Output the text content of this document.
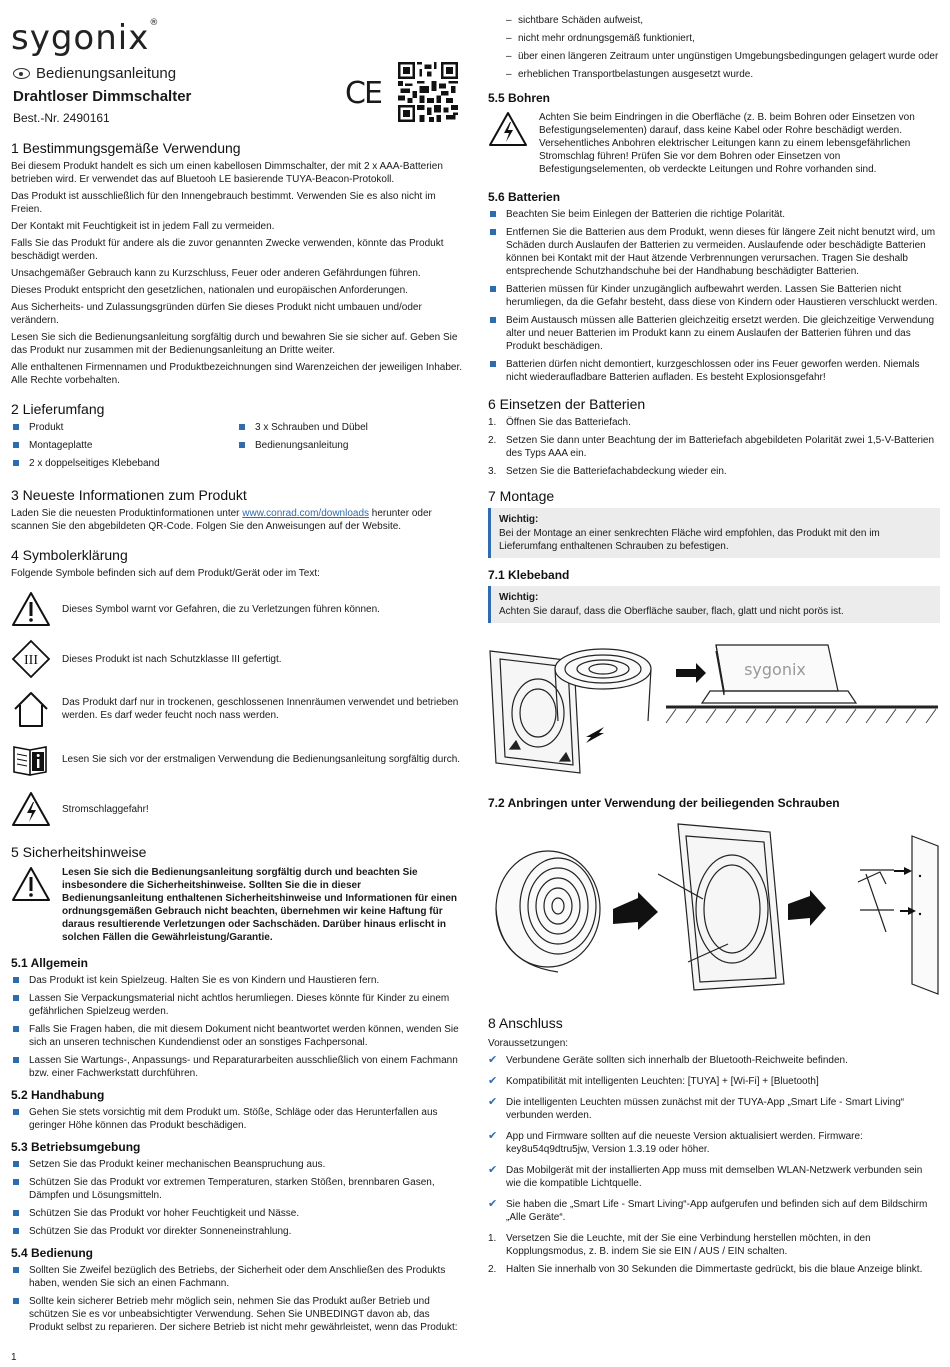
sygonix®
Bedienungsanleitung
Drahtloser Dimmschalter
Best.-Nr. 2490161
CE
1 Bestimmungsgemäße Verwendung

Bei diesem Produkt handelt es sich um einen kabellosen Dimmschalter, der mit 2 x AAA-Batterien betrieben wird. Er verwendet das auf Bluetooh LE basierende TUYA-Beacon-Protokoll.

Das Produkt ist ausschließlich für den Innengebrauch bestimmt. Verwenden Sie es also nicht im Freien.

Der Kontakt mit Feuchtigkeit ist in jedem Fall zu vermeiden.

Falls Sie das Produkt für andere als die zuvor genannten Zwecke verwenden, könnte das Produkt beschädigt werden.

Unsachgemäßer Gebrauch kann zu Kurzschluss, Feuer oder anderen Gefährdungen führen.

Dieses Produkt entspricht den gesetzlichen, nationalen und europäischen Anforderungen.

Aus Sicherheits- und Zulassungsgründen dürfen Sie dieses Produkt nicht umbauen und/oder verändern.

Lesen Sie sich die Bedienungsanleitung sorgfältig durch und bewahren Sie sie sicher auf. Geben Sie das Produkt nur zusammen mit der Bedienungsanleitung an Dritte weiter.

Alle enthaltenen Firmennamen und Produktbezeichnungen sind Warenzeichen der jeweiligen Inhaber. Alle Rechte vorbehalten.

2 Lieferumfang
Produkt
Montageplatte
2 x doppelseitiges Klebeband
3 x Schrauben und Dübel
Bedienungsanleitung
3 Neueste Informationen zum Produkt

Laden Sie die neuesten Produktinformationen unter www.conrad.com/downloads herunter oder scannen Sie den abgebildeten QR-Code. Folgen Sie den Anweisungen auf der Website.

4 Symbolerklärung

Folgende Symbole befinden sich auf dem Produkt/Gerät oder im Text:

Dieses Symbol warnt vor Gefahren, die zu Verletzungen führen können.
III Dieses Produkt ist nach Schutzklasse III gefertigt.
Das Produkt darf nur in trockenen, geschlossenen Innenräumen verwendet und betrieben werden. Es darf weder feucht noch nass werden.
Lesen Sie sich vor der erstmaligen Verwendung die Bedienungsanleitung sorgfältig durch.
Stromschlaggefahr!
5 Sicherheitshinweise

Lesen Sie sich die Bedienungsanleitung sorgfältig durch und beachten Sie insbesondere die Sicherheitshinweise. Sollten Sie die in dieser Bedienungsanleitung enthaltenen Sicherheitshinweise und Informationen für einen ordnungsgemäßen Gebrauch nicht beachten, übernehmen wir keine Haftung für daraus resultierende Verletzungen oder Sachschäden. Darüber hinaus erlischt in solchen Fällen die Gewährleistung/Garantie.

5.1 Allgemein
Das Produkt ist kein Spielzeug. Halten Sie es von Kindern und Haustieren fern.
Lassen Sie Verpackungsmaterial nicht achtlos herumliegen. Dieses könnte für Kinder zu einem gefährlichen Spielzeug werden.
Falls Sie Fragen haben, die mit diesem Dokument nicht beantwortet werden können, wenden Sie sich an unseren technischen Kundendienst oder an sonstiges Fachpersonal.
Lassen Sie Wartungs-, Anpassungs- und Reparaturarbeiten ausschließlich von einem Fachmann bzw. einer Fachwerkstatt durchführen.
5.2 Handhabung
Gehen Sie stets vorsichtig mit dem Produkt um. Stöße, Schläge oder das Herunterfallen aus geringer Höhe können das Produkt beschädigen.
5.3 Betriebsumgebung
Setzen Sie das Produkt keiner mechanischen Beanspruchung aus.
Schützen Sie das Produkt vor extremen Temperaturen, starken Stößen, brennbaren Gasen, Dämpfen und Lösungsmitteln.
Schützen Sie das Produkt vor hoher Feuchtigkeit und Nässe.
Schützen Sie das Produkt vor direkter Sonneneinstrahlung.
5.4 Bedienung
Sollten Sie Zweifel bezüglich des Betriebs, der Sicherheit oder dem Anschließen des Produkts haben, wenden Sie sich an einen Fachmann.
Sollte kein sicherer Betrieb mehr möglich sein, nehmen Sie das Produkt außer Betrieb und schützen Sie es vor unbeabsichtigter Verwendung. Sehen Sie UNBEDINGT davon ab, das Produkt selbst zu reparieren. Der sichere Betrieb ist nicht mehr gewährleistet, wenn das Produkt:
– sichtbare Schäden aufweist,
– nicht mehr ordnungsgemäß funktioniert,
– über einen längeren Zeitraum unter ungünstigen Umgebungsbedingungen gelagert wurde oder
– erheblichen Transportbelastungen ausgesetzt wurde.
5.5 Bohren

Achten Sie beim Eindringen in die Oberfläche (z. B. beim Bohren oder Einsetzen von Befestigungselementen) darauf, dass keine Kabel oder Rohre beschädigt werden. Versehentliches Anbohren elektrischer Leitungen kann zu einem lebensgefährlichen Stromschlag führen! Prüfen Sie vor dem Bohren oder Einsetzen von Befestigungselementen, ob verdeckte Leitungen und Rohre vorhanden sind.

5.6 Batterien
Beachten Sie beim Einlegen der Batterien die richtige Polarität.
Entfernen Sie die Batterien aus dem Produkt, wenn dieses für längere Zeit nicht benutzt wird, um Schäden durch Auslaufen der Batterien zu vermeiden. Auslaufende oder beschädigte Batterien können bei Kontakt mit der Haut ätzende Verbrennungen verursachen. Tragen Sie deshalb entsprechende Schutzhandschuhe bei der Handhabung beschädigter Batterien.
Batterien müssen für Kinder unzugänglich aufbewahrt werden. Lassen Sie Batterien nicht herumliegen, da die Gefahr besteht, dass diese von Kindern oder Haustieren verschluckt werden.
Beim Austausch müssen alle Batterien gleichzeitig ersetzt werden. Die gleichzeitige Verwendung alter und neuer Batterien im Produkt kann zu einem Auslaufen der Batterien führen und das Produkt beschädigen.
Batterien dürfen nicht demontiert, kurzgeschlossen oder ins Feuer geworfen werden. Niemals nicht wiederaufladbare Batterien aufladen. Es besteht Explosionsgefahr!
6 Einsetzen der Batterien
1. Öffnen Sie das Batteriefach.
2. Setzen Sie dann unter Beachtung der im Batteriefach abgebildeten Polarität zwei 1,5-V-Batterien des Typs AAA ein.
3. Setzen Sie die Batteriefachabdeckung wieder ein.
7 Montage
Wichtig:
Bei der Montage an einer senkrechten Fläche wird empfohlen, das Produkt mit den im Lieferumfang enthaltenen Schrauben zu befestigen.
7.1 Klebeband
Wichtig:
Achten Sie darauf, dass die Oberfläche sauber, flach, glatt und nicht porös ist.
sygonix
7.2 Anbringen unter Verwendung der beiliegenden Schrauben
8 Anschluss

Voraussetzungen:

✔ Verbundene Geräte sollten sich innerhalb der Bluetooth-Reichweite befinden.
✔ Kompatibilität mit intelligenten Leuchten: [TUYA] + [Wi-Fi] + [Bluetooth]
✔ Die intelligenten Leuchten müssen zunächst mit der TUYA-App „Smart Life - Smart Living“ verbunden werden.
✔ App und Firmware sollten auf die neueste Version aktualisiert werden. Firmware: key8u54q9dtru5jw, Version 1.3.19 oder höher.
✔ Das Mobilgerät mit der installierten App muss mit demselben WLAN-Netzwerk verbunden sein wie die kompatible Lichtquelle.
✔ Sie haben die „Smart Life - Smart Living“-App aufgerufen und befinden sich auf dem Bildschirm „Alle Geräte“.
1. Versetzen Sie die Leuchte, mit der Sie eine Verbindung herstellen möchten, in den Kopplungsmodus, z. B. indem Sie sie EIN / AUS / EIN schalten.
2. Halten Sie innerhalb von 30 Sekunden die Dimmertaste gedrückt, bis die blaue Anzeige blinkt.
1
